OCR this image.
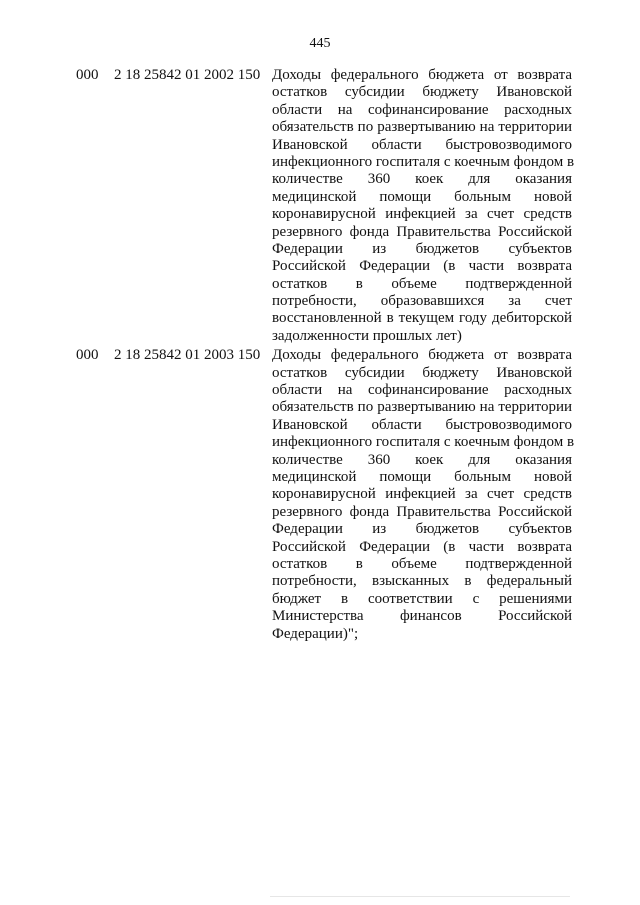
445
000 2 18 25842 01 2002 150 Доходы федерального бюджета от возврата
остатков субсидии бюджету Ивановской
области на софинансирование расходных
обязательств по развертыванию на территории
Ивановской области быстровозводимого
инфекционного госпиталя с коечным фондом в
количестве 360 коек для оказания
медицинской помощи больным новой
коронавирусной инфекцией за счет средств
резервного фонда Правительства Российской
Федерации из бюджетов субъектов
Российской Федерации (в части возврата
остатков в объеме подтвержденной
потребности, образовавшихся за счет
восстановленной в текущем году дебиторской
задолженности прошлых лет)
000 2 18 25842 01 2003 150 Доходы федерального бюджета от возврата
остатков субсидии бюджету Ивановской
области на софинансирование расходных
обязательств по развертыванию на территории
Ивановской области быстровозводимого
инфекционного госпиталя с коечным фондом в
количестве 360 коек для оказания
медицинской помощи больным новой
коронавирусной инфекцией за счет средств
резервного фонда Правительства Российской
Федерации из бюджетов субъектов
Российской Федерации (в части возврата
остатков в объеме подтвержденной
потребности, взысканных в федеральный
бюджет в соответствии с решениями
Министерства финансов Российской
Федерации)";
